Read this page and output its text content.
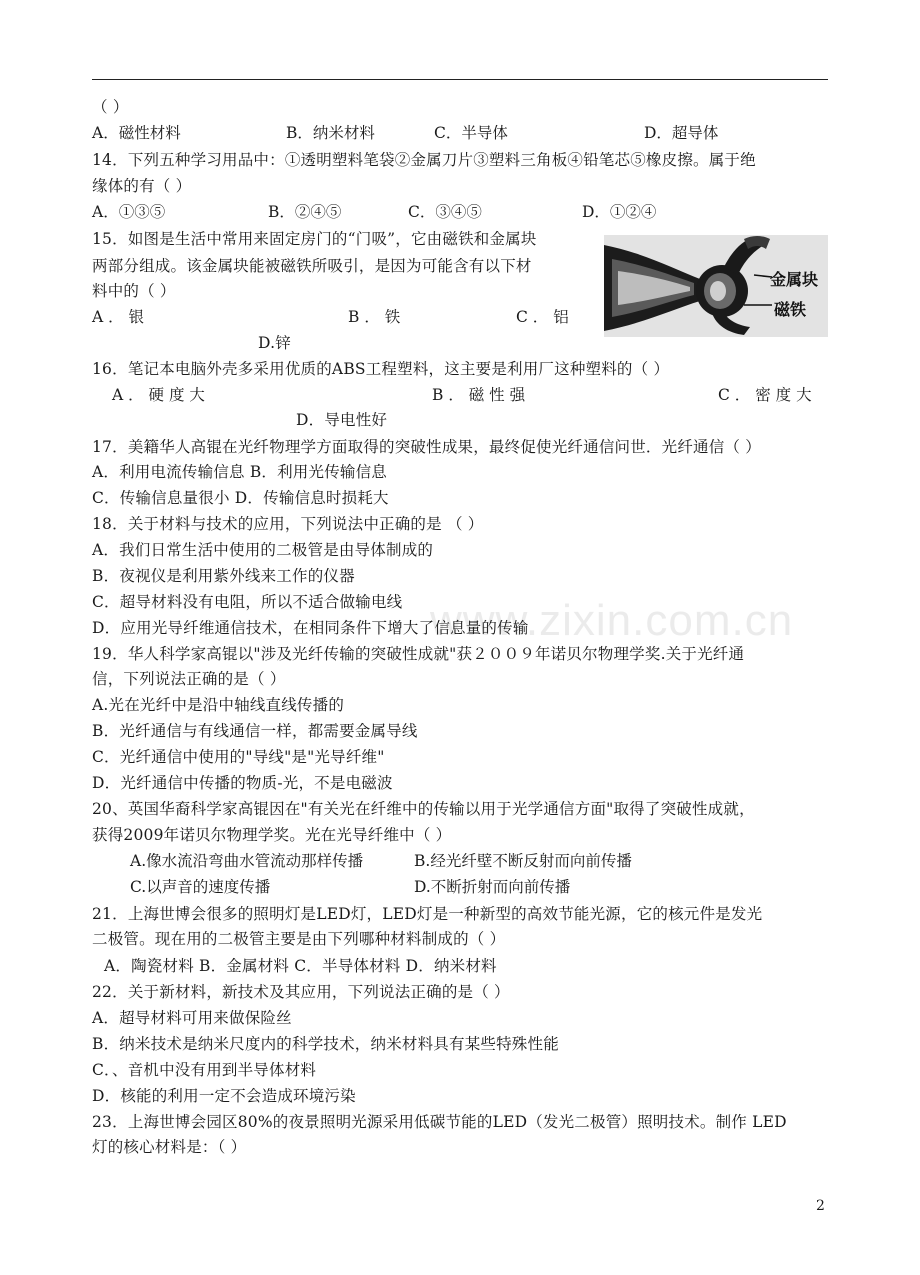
www.zixin.com.cn
（ ）
A．磁性材料	B．纳米材料	C．半导体	D．超导体
14．下列五种学习用品中：①透明塑料笔袋②金属刀片③塑料三角板④铅笔芯⑤橡皮擦。属于绝
缘体的有（ ）
A．①③⑤	B．②④⑤	C．③④⑤	D．①②④
15．如图是生活中常用来固定房门的“门吸”，它由磁铁和金属块
两部分组成。该金属块能被磁铁所吸引，是因为可能含有以下材
料中的（ ）
A ． 银	B ． 铁	C ． 铝
D.锌
金属块
磁铁
16．笔记本电脑外壳多采用优质的ABS工程塑料，这主要是利用厂这种塑料的（ ）
A ． 硬 度 大	B ． 磁 性 强	C ． 密 度 大
D．导电性好
17．美籍华人高锟在光纤物理学方面取得的突破性成果，最终促使光纤通信问世．光纤通信（ ）
A．利用电流传输信息 B．利用光传输信息
C．传输信息量很小 D．传输信息时损耗大
18．关于材料与技术的应用，下列说法中正确的是 （ ）
A．我们日常生活中使用的二极管是由导体制成的
B．夜视仪是利用紫外线来工作的仪器
C．超导材料没有电阻，所以不适合做输电线
D．应用光导纤维通信技术，在相同条件下增大了信息量的传输
19．华人科学家高锟以"涉及光纤传输的突破性成就"获２００９年诺贝尔物理学奖.关于光纤通
信，下列说法正确的是（ ）
A.光在光纤中是沿中轴线直线传播的
B．光纤通信与有线通信一样，都需要金属导线
C．光纤通信中使用的"导线"是"光导纤维"
D．光纤通信中传播的物质-光，不是电磁波
20、英国华裔科学家高锟因在"有关光在纤维中的传输以用于光学通信方面"取得了突破性成就，
获得2009年诺贝尔物理学奖。光在光导纤维中（ ）
A.像水流沿弯曲水管流动那样传播	B.经光纤壁不断反射而向前传播
C.以声音的速度传播	D.不断折射而向前传播
21．上海世博会很多的照明灯是LED灯，LED灯是一种新型的高效节能光源，它的核元件是发光
二极管。现在用的二极管主要是由下列哪种材料制成的（ ）
A．陶瓷材料 B．金属材料 C．半导体材料 D．纳米材料
22．关于新材料，新技术及其应用，下列说法正确的是（ ）
A．超导材料可用来做保险丝
B．纳米技术是纳米尺度内的科学技术，纳米材料具有某些特殊性能
C．、音机中没有用到半导体材料
D．核能的利用一定不会造成环境污染
23．上海世博会园区80%的夜景照明光源采用低碳节能的LED（发光二极管）照明技术。制作 LED
灯的核心材料是：（ ）
2
